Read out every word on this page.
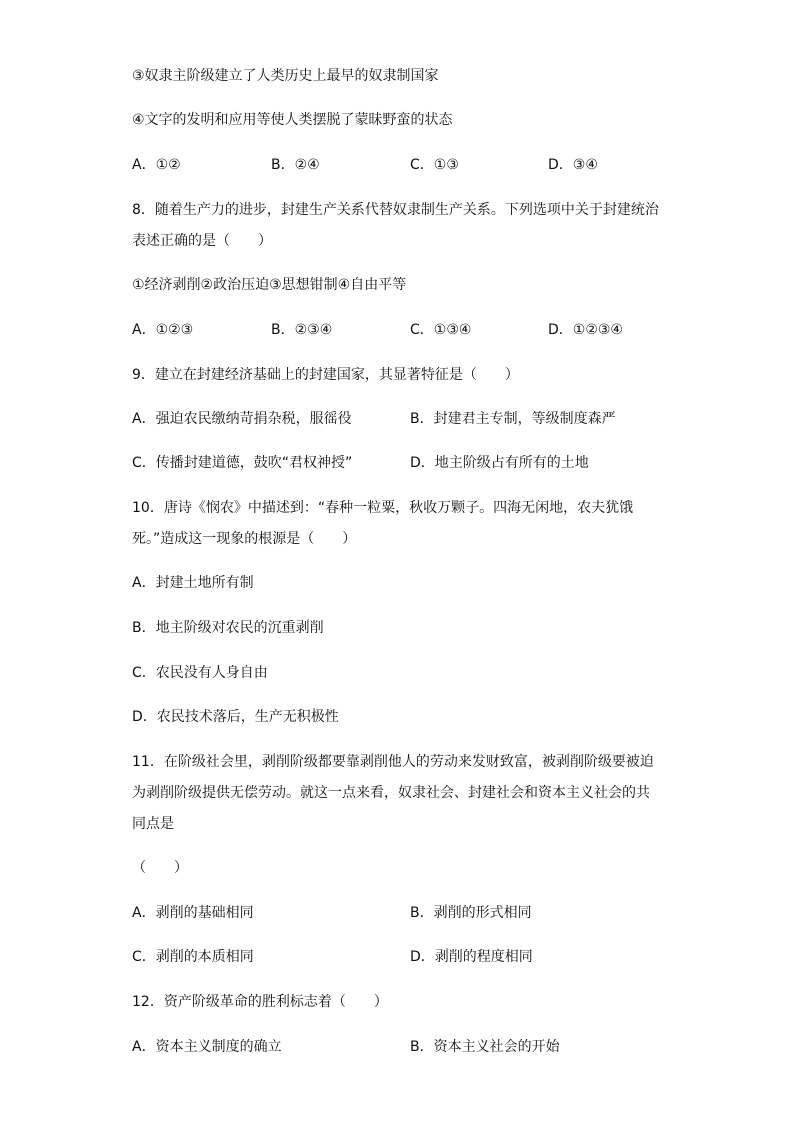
③奴隶主阶级建立了人类历史上最早的奴隶制国家
④文字的发明和应用等使人类摆脱了蒙昧野蛮的状态
A．①②	B．②④	C．①③	D．③④
8．随着生产力的进步，封建生产关系代替奴隶制生产关系。下列选项中关于封建统治
表述正确的是（　　）
①经济剥削②政治压迫③思想钳制④自由平等
A．①②③	B．②③④	C．①③④	D．①②③④
9．建立在封建经济基础上的封建国家，其显著特征是（　　）
A．强迫农民缴纳苛捐杂税，服徭役	B．封建君主专制，等级制度森严
C．传播封建道德，鼓吹“君权神授”	D．地主阶级占有所有的土地
10．唐诗《悯农》中描述到：“春种一粒粟，秋收万颗子。四海无闲地，农夫犹饿
死。”造成这一现象的根源是（　　）
A．封建土地所有制
B．地主阶级对农民的沉重剥削
C．农民没有人身自由
D．农民技术落后，生产无积极性
11．在阶级社会里，剥削阶级都要靠剥削他人的劳动来发财致富，被剥削阶级要被迫
为剥削阶级提供无偿劳动。就这一点来看，奴隶社会、封建社会和资本主义社会的共
同点是
（　　）
A．剥削的基础相同	B．剥削的形式相同
C．剥削的本质相同	D．剥削的程度相同
12．资产阶级革命的胜利标志着（　　）
A．资本主义制度的确立	B．资本主义社会的开始
